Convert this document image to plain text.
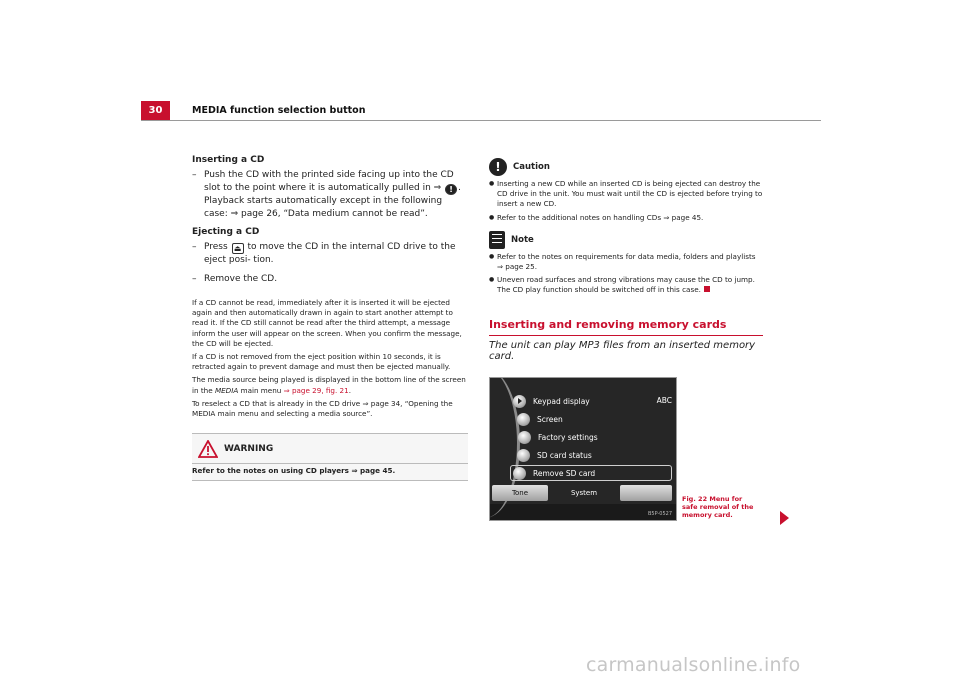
30	MEDIA function selection button
Inserting a CD
– Push the CD with the printed side facing up into the CD slot to the point where it is automatically pulled in ⇒ ! . Playback starts automatically except in the following case: ⇒ page 26, “Data medium cannot be read”.
Ejecting a CD
– Press ⏏ to move the CD in the internal CD drive to the eject posi- tion.
– Remove the CD.

If a CD cannot be read, immediately after it is inserted it will be ejected again and then automatically drawn in again to start another attempt to read it. If the CD still cannot be read after the third attempt, a message inform the user will appear on the screen. When you confirm the message, the CD will be ejected.

If a CD is not removed from the eject position within 10 seconds, it is retracted again to prevent damage and must then be ejected manually.

The media source being played is displayed in the bottom line of the screen in the MEDIA main menu ⇒ page 29, fig. 21.

To reselect a CD that is already in the CD drive ⇒ page 34, “Opening the MEDIA main menu and selecting a media source”.

WARNING
Refer to the notes on using CD players ⇒ page 45.
!	Caution
● Inserting a new CD while an inserted CD is being ejected can destroy the CD drive in the unit. You must wait until the CD is ejected before trying to insert a new CD.
● Refer to the additional notes on handling CDs ⇒ page 45.
Note
● Refer to the notes on requirements for data media, folders and playlists ⇒ page 25.
● Uneven road surfaces and strong vibrations may cause the CD to jump. The CD play function should be switched off in this case.
Inserting and removing memory cards
The unit can play MP3 files from an inserted memory card.
ABC
Keypad display
Screen
Factory settings
SD card status
Remove SD card
Tone	System
B5P-0527
Fig. 22 Menu for safe removal of the memory card.
carmanualsonline.info
